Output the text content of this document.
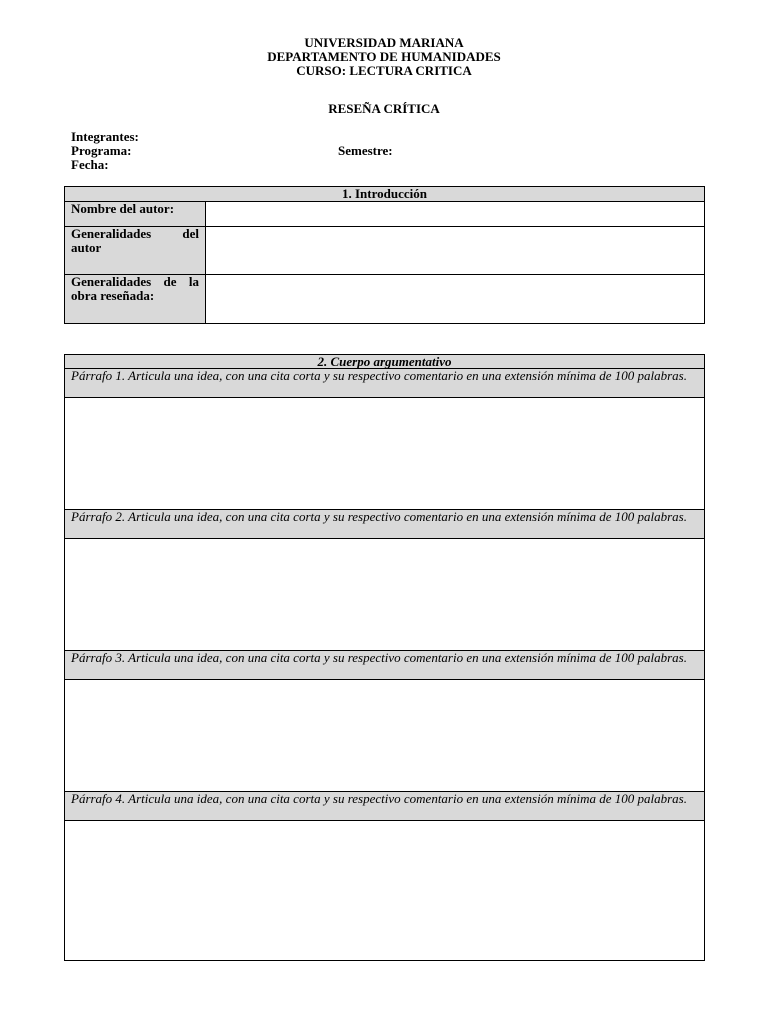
UNIVERSIDAD MARIANA
DEPARTAMENTO DE HUMANIDADES
CURSO: LECTURA CRITICA
RESEÑA CRÍTICA
Integrantes:
Programa:	Semestre:
Fecha:
1. Introducción	
Nombre del autor:	
Generalidades del autor	
Generalidades de la obra reseñada:	
2. Cuerpo argumentativo
Párrafo 1. Articula una idea, con una cita corta y su respectivo comentario en una extensión mínima de 100 palabras.

Párrafo 2. Articula una idea, con una cita corta y su respectivo comentario en una extensión mínima de 100 palabras.

Párrafo 3. Articula una idea, con una cita corta y su respectivo comentario en una extensión mínima de 100 palabras.

Párrafo 4. Articula una idea, con una cita corta y su respectivo comentario en una extensión mínima de 100 palabras.
